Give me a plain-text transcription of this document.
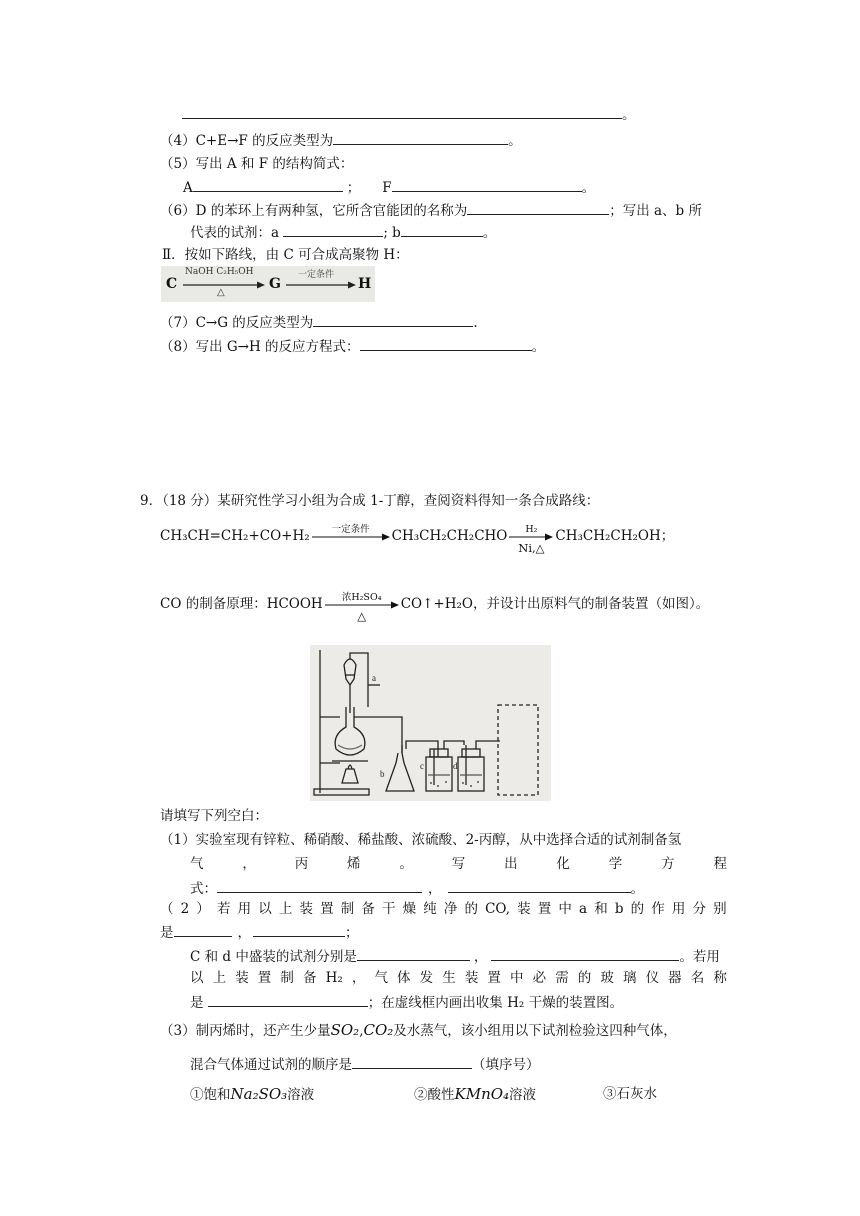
。
（4）C+E→F 的反应类型为	。
（5）写出 A 和 F 的结构简式：
A	； F	。
（6）D 的苯环上有两种氢，它所含官能团的名称为	；写出 a、b 所
代表的试剂：a	; b	。
Ⅱ．按如下路线，由 C 可合成高聚物 H：
C
NaOH C₂H₅OH
△
G
一定条件
H
（7）C→G 的反应类型为	.
（8）写出 G→H 的反应方程式：	。
9．（18 分）某研究性学习小组为合成 1-丁醇，查阅资料得知一条合成路线：
CH₃CH=CH₂+CO+H₂	一定条件	CH₃CH₂CH₂CHO	H₂
Ni,△
CH₃CH₂CH₂OH；
CO 的制备原理：HCOOH	浓H₂SO₄
△
CO↑+H₂O，并设计出原料气的制备装置（如图）。
a
b
c	d
请填写下列空白：
（1）实验室现有锌粒、稀硝酸、稀盐酸、浓硫酸、2-丙醇，从中选择合适的试剂制备氢
气	，	丙	烯	。	写	出	化	学	方	程
式：	，	。
（ 2 ） 若 用 以 上 装 置 制 备 干 燥 纯 净 的 CO, 装 置 中 a 和 b 的 作 用 分 别
是	，	；
C 和 d 中盛装的试剂分别是	，	。若用
以 上 装 置 制 备 H₂ ， 气 体 发 生 装 置 中 必 需 的 玻 璃 仪 器 名 称
是	；在虚线框内画出收集 H₂ 干燥的装置图。
（3）制丙烯时，还产生少量SO₂,CO₂及水蒸气，该小组用以下试剂检验这四种气体，
混合气体通过试剂的顺序是	（填序号）
①饱和Na₂SO₃溶液	②酸性KMnO₄溶液	③石灰水
